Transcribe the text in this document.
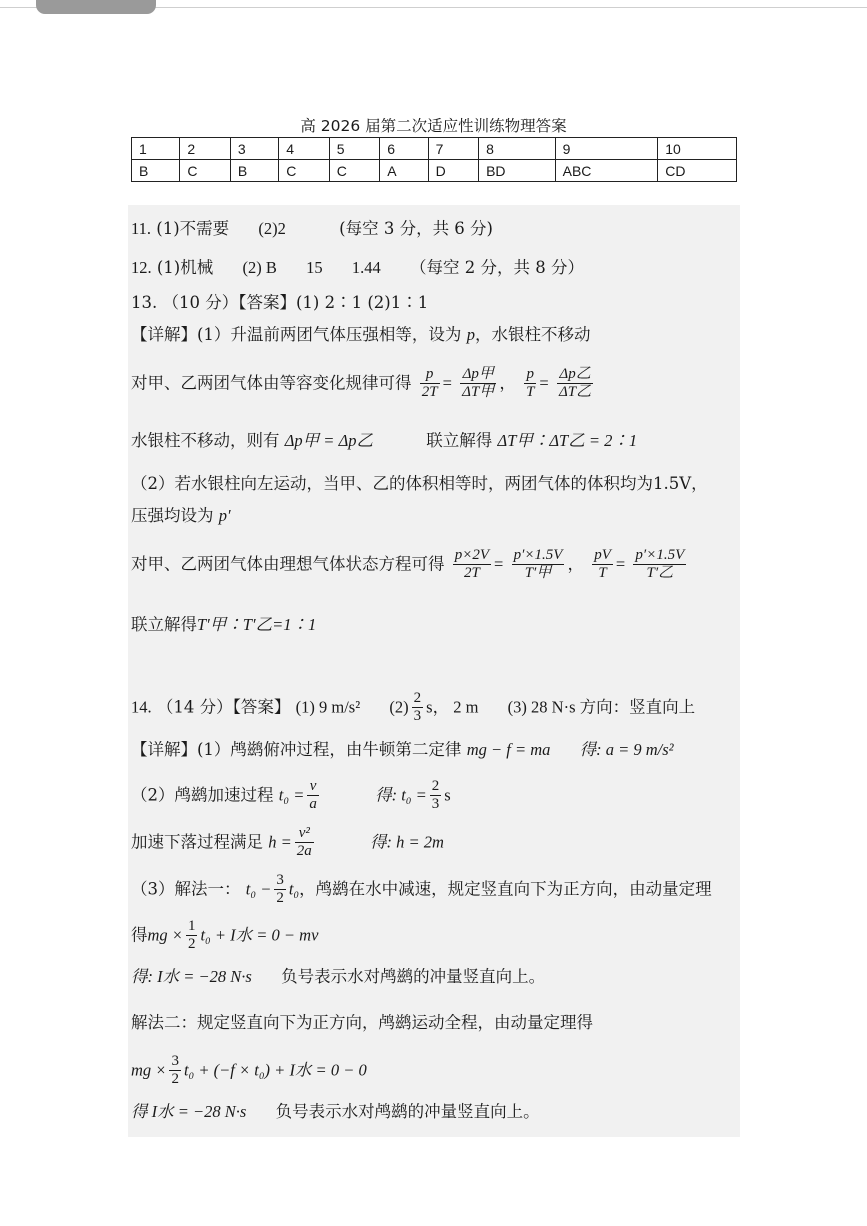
高 2026 届第二次适应性训练物理答案
1	2	3	4	5	6	7	8	9	10
B	C	B	C	C	A	D	BD	ABC	CD
11. (1)不需要 (2)2	(每空 3 分，共 6 分)
12. (1)机械 (2) B 15 1.44 （每空 2 分，共 8 分）
13. （10 分）【答案】(1) 2∶1 (2)1∶1
【详解】(1）升温前两团气体压强相等，设为 p，水银柱不移动
对甲、乙两团气体由等容变化规律可得 $\frac{p}{2T} = \frac{\text{Δp甲}}{\text{ΔT甲}}$ ， $\frac{p}{T} = \frac{\text{Δp乙}}{\text{ΔT乙}}$
水银柱不移动，则有 Δp甲 = Δp乙	联立解得 ΔT甲∶ΔT乙 = 2∶1
（2）若水银柱向左运动，当甲、乙的体积相等时，两团气体的体积均为1.5V，
压强均设为 p′
对甲、乙两团气体由理想气体状态方程可得 $\frac{p\times 2V}{2T} = \frac{p'\times 1.5V}{\text{T′甲}}$ ， $\frac{pV}{T} = \frac{p'\times 1.5V}{\text{T′乙}}$
联立解得T′甲∶T′乙=1∶1
14. （14 分）【答案】 (1) 9 m/s² $(2) \frac{2}{3}$ s， 2 m (3) 28 N·s 方向：竖直向上
【详解】(1）鸬鹚俯冲过程，由牛顿第二定律 mg − f = ma 得: a = 9 m/s²
（2）鸬鹚加速过程 $t_0 = \frac{v}{a}$	得: $t_0 = \frac{2}{3}$ s
加速下落过程满足 $h = \frac{\text{v²}}{2a}$	得: h = 2m
（3）解法一： $t_0 - \frac{3}{2} t_0$，鸬鹚在水中减速，规定竖直向下为正方向，由动量定理
得mg × $\frac{1}{2} t_0 + I$水 = 0 − mv
得: I水 = −28 N·s 负号表示水对鸬鹚的冲量竖直向上。
解法二：规定竖直向下为正方向，鸬鹚运动全程，由动量定理得
mg × $\frac{3}{2} t_0 + (-f \times t_0) + I$水 = 0 − 0
得 I水 = −28 N·s 负号表示水对鸬鹚的冲量竖直向上。
